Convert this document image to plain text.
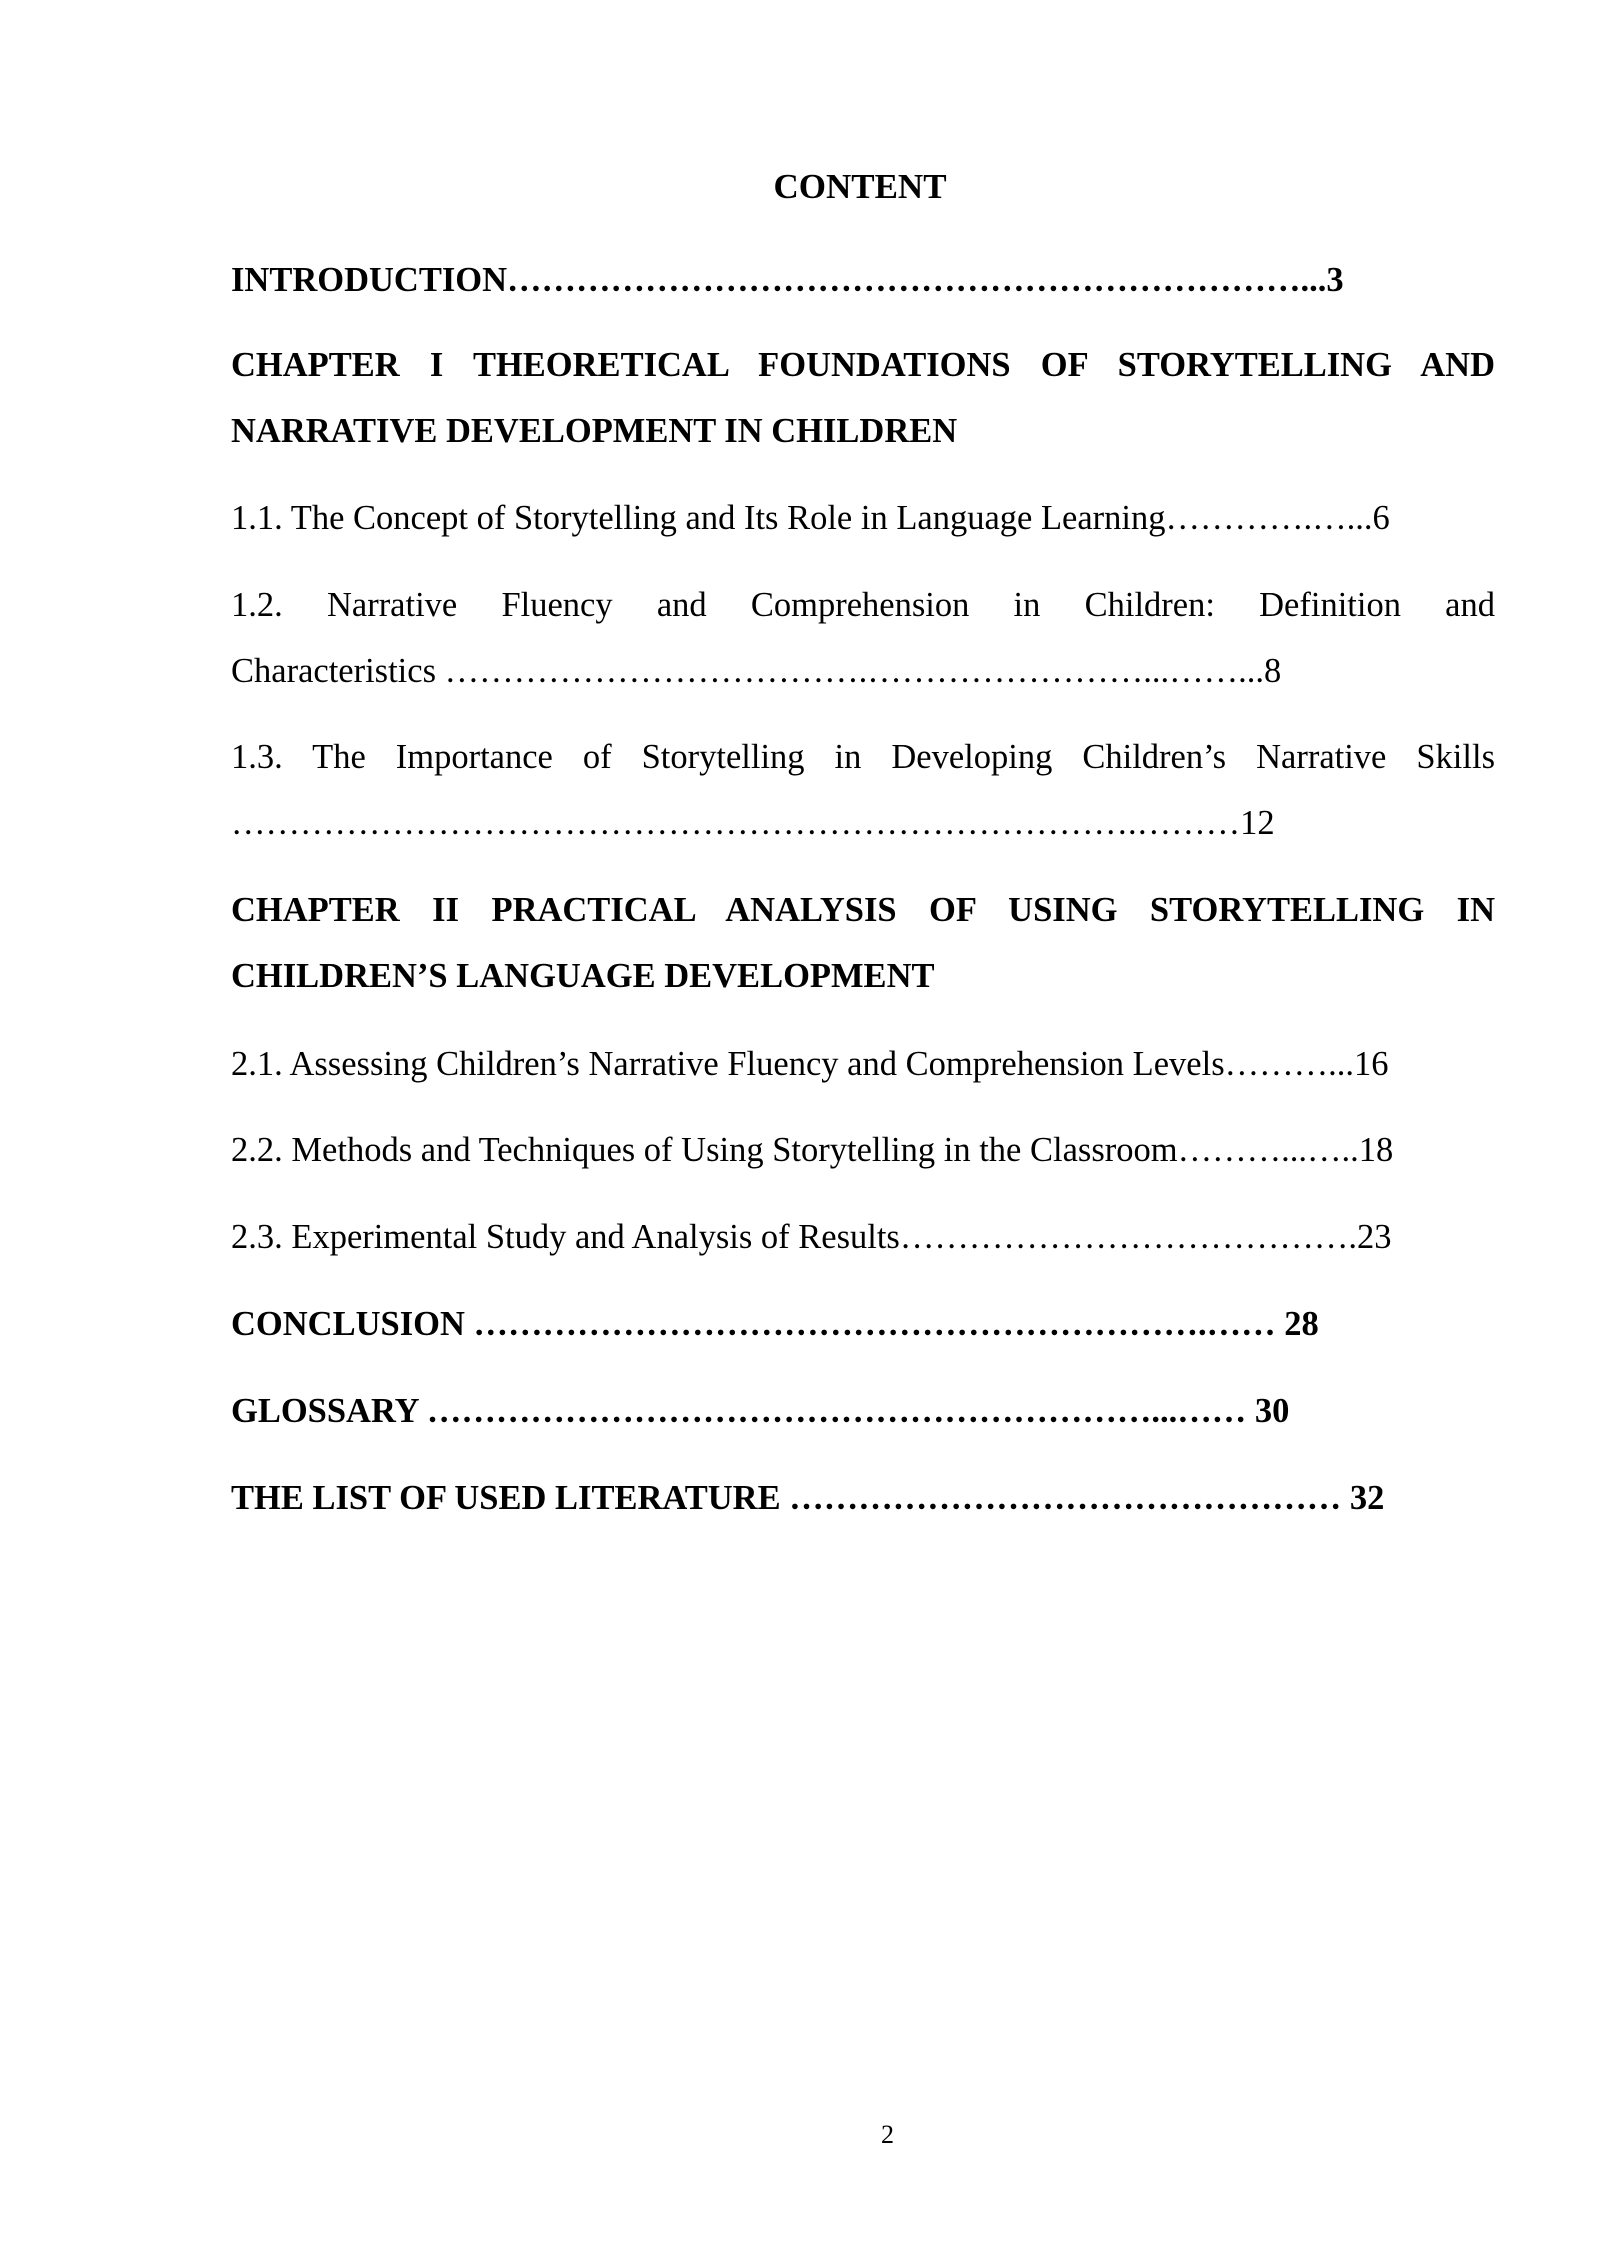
CONTENT
INTRODUCTION……………………………………………………………...3
CHAPTER I THEORETICAL FOUNDATIONS OF STORYTELLING AND
NARRATIVE DEVELOPMENT IN CHILDREN
1.1. The Concept of Storytelling and Its Role in Language Learning………….…...6
1.2. Narrative Fluency and Comprehension in Children: Definition and
Characteristics ……………………………….……………………...……...8
1.3. The Importance of Storytelling in Developing Children’s Narrative Skills
…………………………………………………………………….………12
CHAPTER II PRACTICAL ANALYSIS OF USING STORYTELLING IN
CHILDREN’S LANGUAGE DEVELOPMENT
2.1. Assessing Children’s Narrative Fluency and Comprehension Levels………...16
2.2. Methods and Techniques of Using Storytelling in the Classroom………...…..18
2.3. Experimental Study and Analysis of Results………………………………….23
CONCLUSION ……………………………………………………….…… 28
GLOSSARY ………………………………………………………...…… 30
THE LIST OF USED LITERATURE ………………………………………… 32
2
